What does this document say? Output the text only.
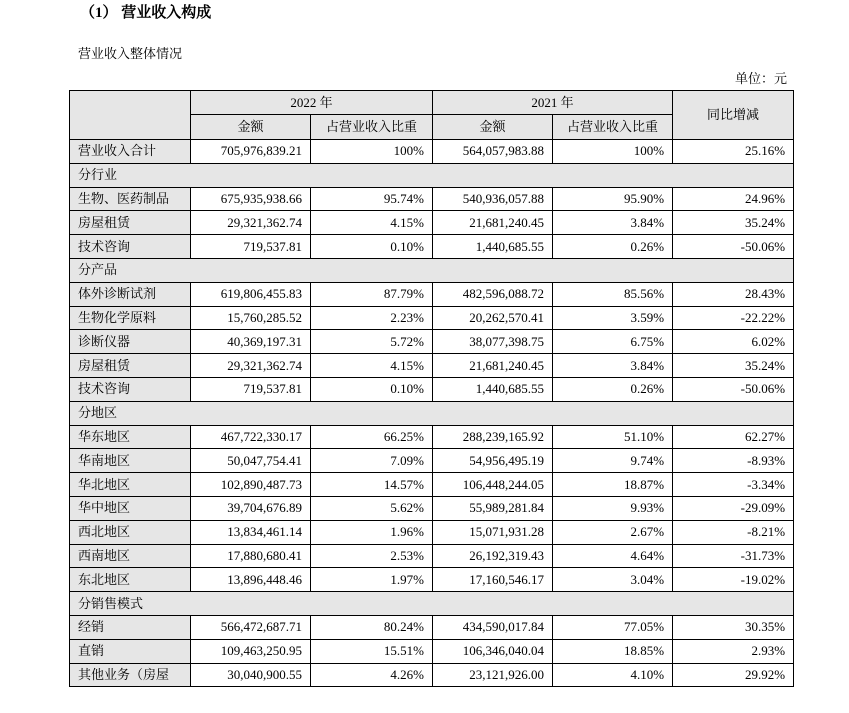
（1） 营业收入构成
营业收入整体情况
单位：元
	2022 年		2021 年		同比增减
	金额	占营业收入比重	金额	占营业收入比重	
营业收入合计	705,976,839.21	100%	564,057,983.88	100%	25.16%
分行业					
生物、医药制品	675,935,938.66	95.74%	540,936,057.88	95.90%	24.96%
房屋租赁	29,321,362.74	4.15%	21,681,240.45	3.84%	35.24%
技术咨询	719,537.81	0.10%	1,440,685.55	0.26%	-50.06%
分产品					
体外诊断试剂	619,806,455.83	87.79%	482,596,088.72	85.56%	28.43%
生物化学原料	15,760,285.52	2.23%	20,262,570.41	3.59%	-22.22%
诊断仪器	40,369,197.31	5.72%	38,077,398.75	6.75%	6.02%
房屋租赁	29,321,362.74	4.15%	21,681,240.45	3.84%	35.24%
技术咨询	719,537.81	0.10%	1,440,685.55	0.26%	-50.06%
分地区					
华东地区	467,722,330.17	66.25%	288,239,165.92	51.10%	62.27%
华南地区	50,047,754.41	7.09%	54,956,495.19	9.74%	-8.93%
华北地区	102,890,487.73	14.57%	106,448,244.05	18.87%	-3.34%
华中地区	39,704,676.89	5.62%	55,989,281.84	9.93%	-29.09%
西北地区	13,834,461.14	1.96%	15,071,931.28	2.67%	-8.21%
西南地区	17,880,680.41	2.53%	26,192,319.43	4.64%	-31.73%
东北地区	13,896,448.46	1.97%	17,160,546.17	3.04%	-19.02%
分销售模式					
经销	566,472,687.71	80.24%	434,590,017.84	77.05%	30.35%
直销	109,463,250.95	15.51%	106,346,040.04	18.85%	2.93%
其他业务（房屋	30,040,900.55	4.26%	23,121,926.00	4.10%	29.92%
